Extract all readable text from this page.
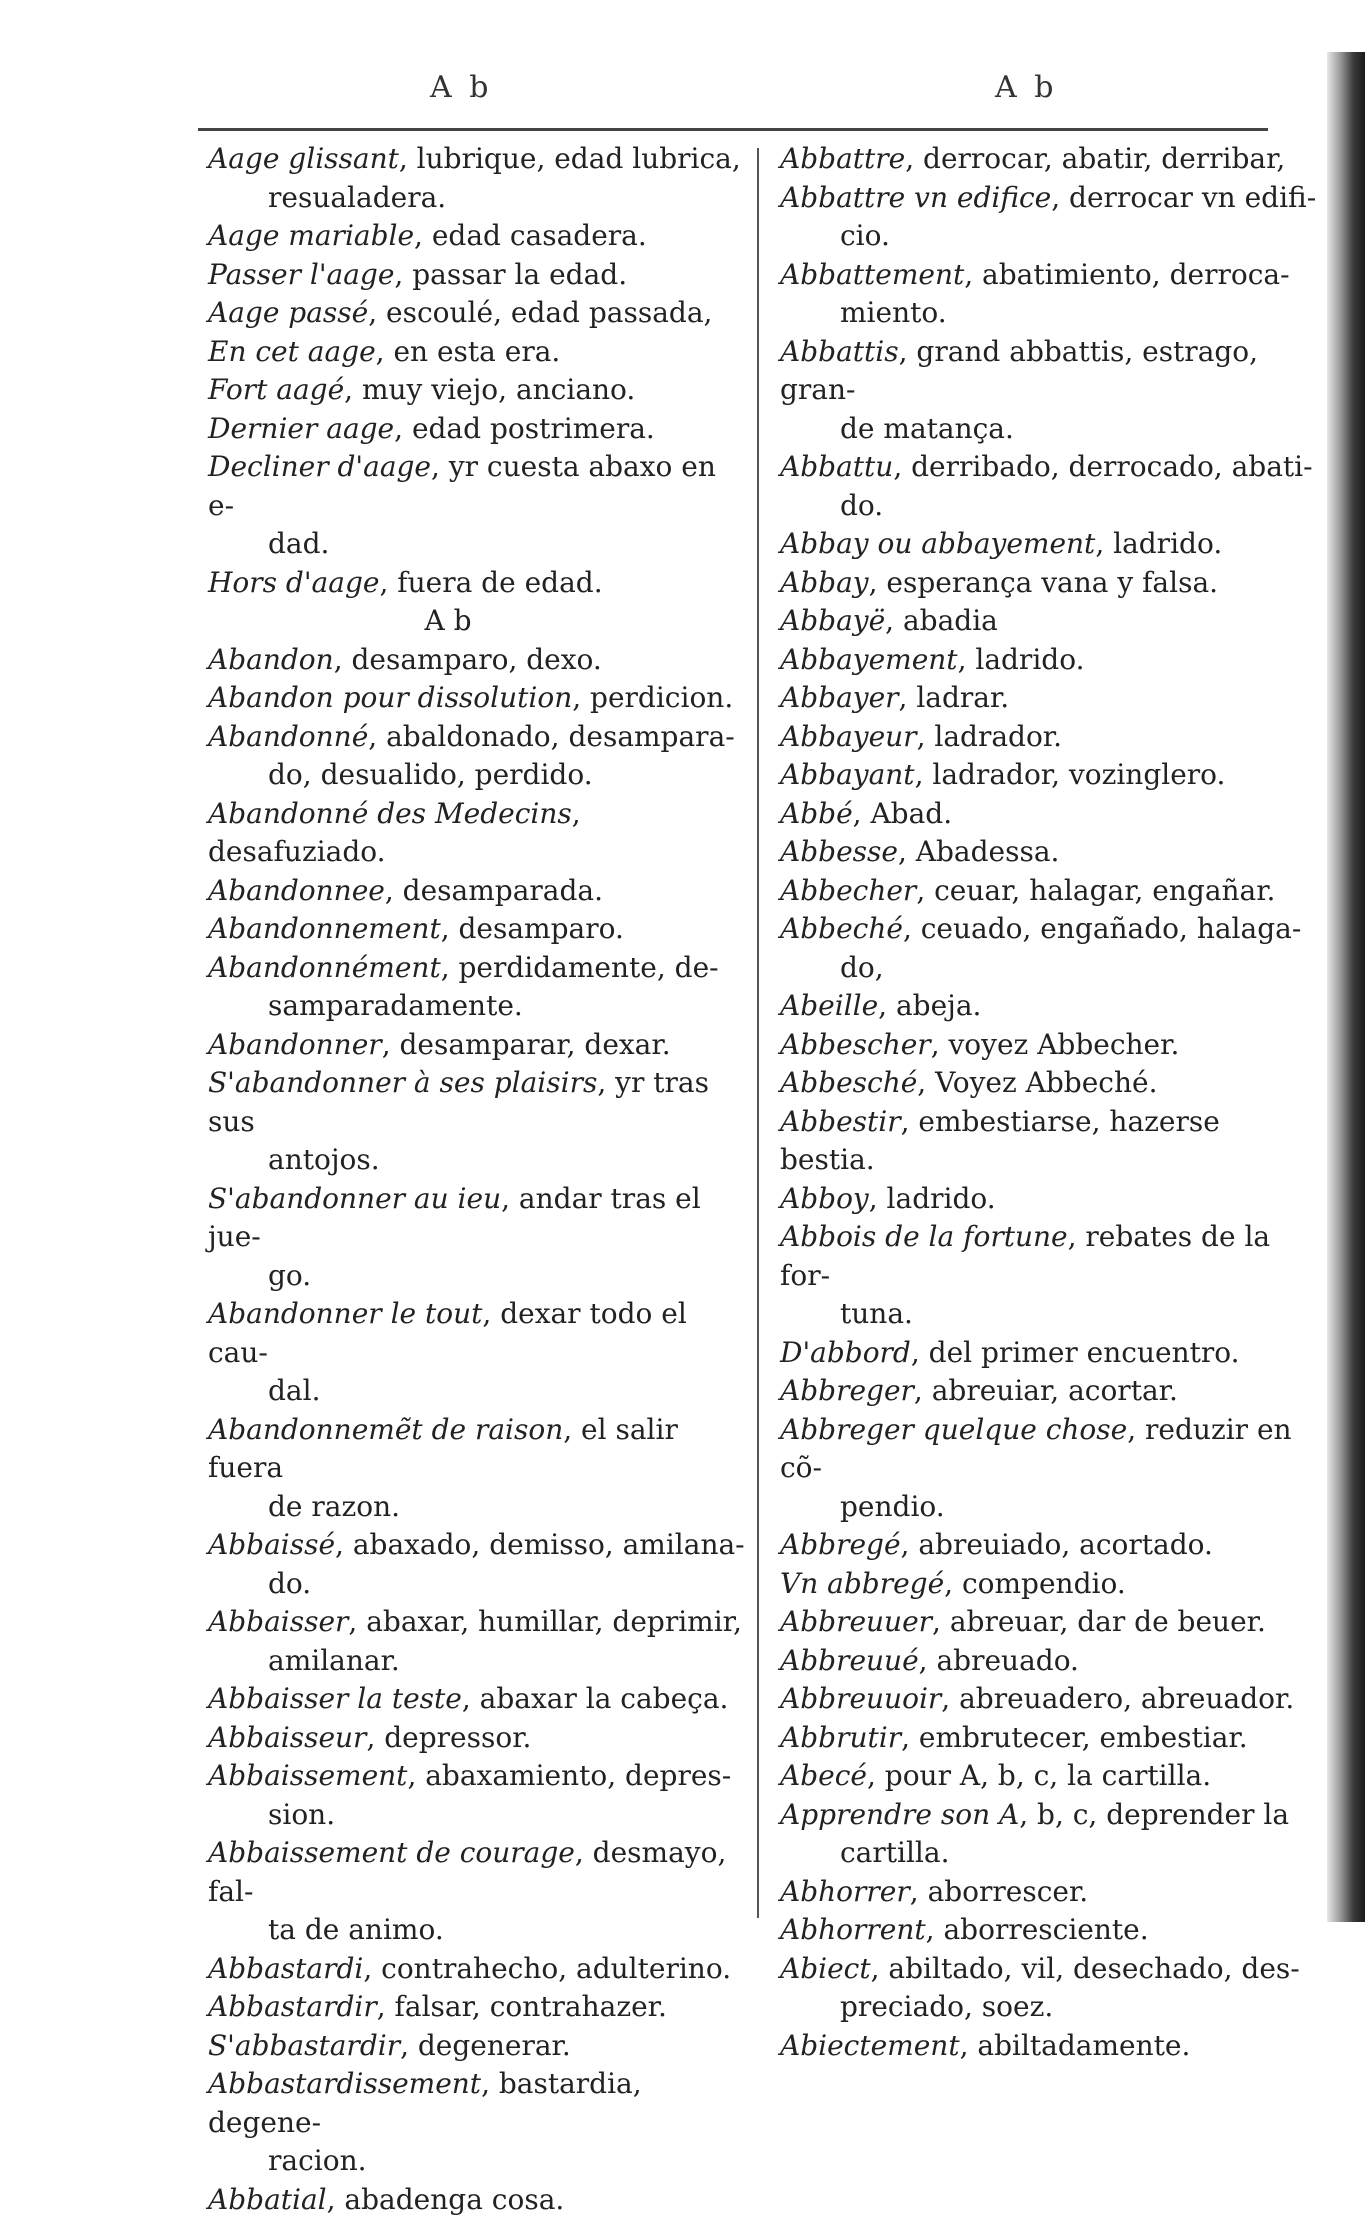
A b	A b
Aage glissant, lubrique, edad lubrica,
resualadera.
Aage mariable, edad casadera.
Passer l'aage, passar la edad.
Aage passé, escoulé, edad passada,
En cet aage, en esta era.
Fort aagé, muy viejo, anciano.
Dernier aage, edad postrimera.
Decliner d'aage, yr cuesta abaxo en e-
dad.
Hors d'aage, fuera de edad.
A b
Abandon, desamparo, dexo.
Abandon pour dissolution, perdicion.
Abandonné, abaldonado, desampara-
do, desualido, perdido.
Abandonné des Medecins, desafuziado.
Abandonnee, desamparada.
Abandonnement, desamparo.
Abandonnément, perdidamente, de-
samparadamente.
Abandonner, desamparar, dexar.
S'abandonner à ses plaisirs, yr tras sus
antojos.
S'abandonner au ieu, andar tras el jue-
go.
Abandonner le tout, dexar todo el cau-
dal.
Abandonnemẽt de raison, el salir fuera
de razon.
Abbaissé, abaxado, demisso, amilana-
do.
Abbaisser, abaxar, humillar, deprimir,
amilanar.
Abbaisser la teste, abaxar la cabeça.
Abbaisseur, depressor.
Abbaissement, abaxamiento, depres-
sion.
Abbaissement de courage, desmayo, fal-
ta de animo.
Abbastardi, contrahecho, adulterino.
Abbastardir, falsar, contrahazer.
S'abbastardir, degenerar.
Abbastardissement, bastardia, degene-
racion.
Abbatial, abadenga cosa.
Abbattre, derrocar, abatir, derribar,
Abbattre vn edifice, derrocar vn edifi-
cio.
Abbattement, abatimiento, derroca-
miento.
Abbattis, grand abbattis, estrago, gran-
de matança.
Abbattu, derribado, derrocado, abati-
do.
Abbay ou abbayement, ladrido.
Abbay, esperança vana y falsa.
Abbayë, abadia
Abbayement, ladrido.
Abbayer, ladrar.
Abbayeur, ladrador.
Abbayant, ladrador, vozinglero.
Abbé, Abad.
Abbesse, Abadessa.
Abbecher, ceuar, halagar, engañar.
Abbeché, ceuado, engañado, halaga-
do,
Abeille, abeja.
Abbescher, voyez Abbecher.
Abbesché, Voyez Abbeché.
Abbestir, embestiarse, hazerse bestia.
Abboy, ladrido.
Abbois de la fortune, rebates de la for-
tuna.
D'abbord, del primer encuentro.
Abbreger, abreuiar, acortar.
Abbreger quelque chose, reduzir en cõ-
pendio.
Abbregé, abreuiado, acortado.
Vn abbregé, compendio.
Abbreuuer, abreuar, dar de beuer.
Abbreuué, abreuado.
Abbreuuoir, abreuadero, abreuador.
Abbrutir, embrutecer, embestiar.
Abecé, pour A, b, c, la cartilla.
Apprendre son A, b, c, deprender la
cartilla.
Abhorrer, aborrescer.
Abhorrent, aborresciente.
Abiect, abiltado, vil, desechado, des-
preciado, soez.
Abiectement, abiltadamente.
